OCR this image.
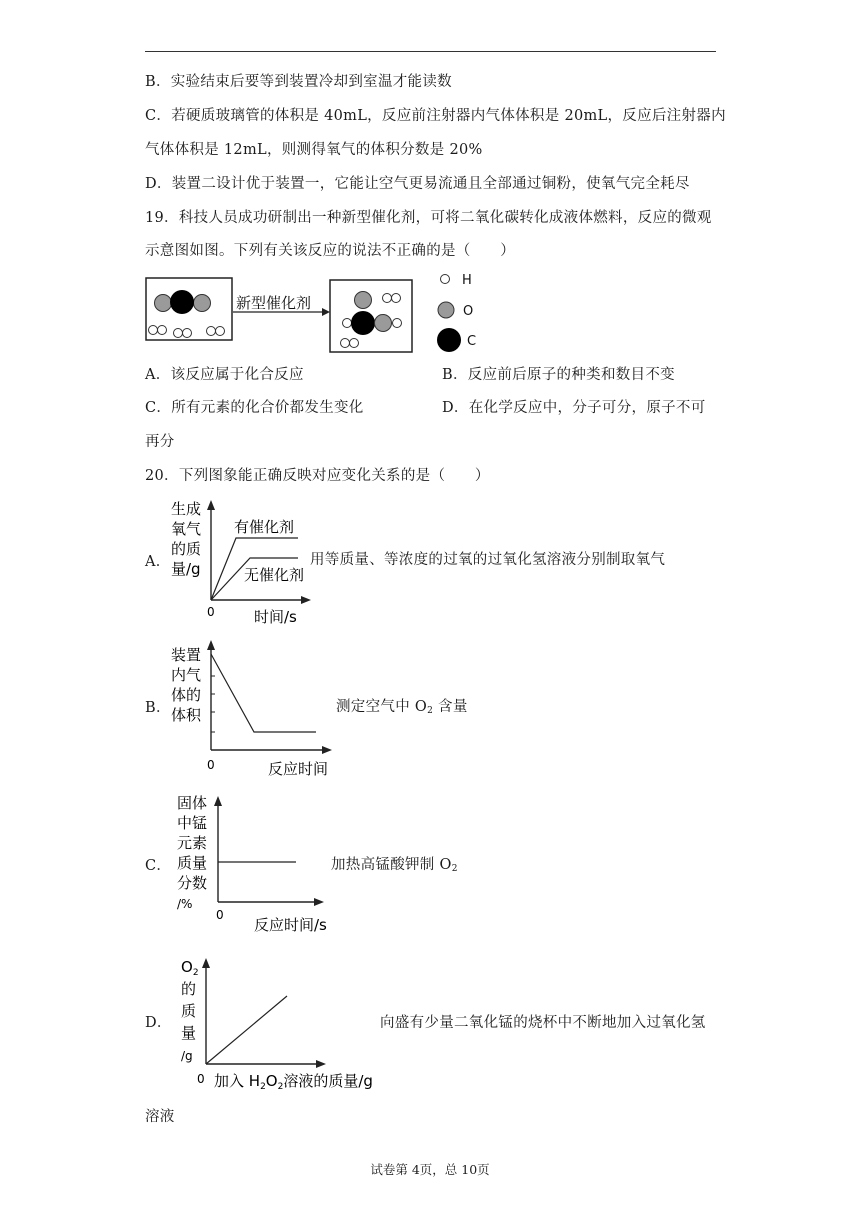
B．实验结束后要等到装置冷却到室温才能读数
C．若硬质玻璃管的体积是 40mL，反应前注射器内气体体积是 20mL，反应后注射器内
气体体积是 12mL，则测得氧气的体积分数是 20%
D．装置二设计优于装置一，它能让空气更易流通且全部通过铜粉，使氧气完全耗尽
19．科技人员成功研制出一种新型催化剂，可将二氧化碳转化成液体燃料，反应的微观
示意图如图。下列有关该反应的说法不正确的是（　　）
新型催化剂
H
O
C
A．该反应属于化合反应	B．反应前后原子的种类和数目不变
C．所有元素的化合价都发生变化	D．在化学反应中，分子可分，原子不可
再分
20．下列图象能正确反映对应变化关系的是（　　）
A．
生成
氧气
的质
量/g
有催化剂
无催化剂
0	时间/s
用等质量、等浓度的过氧的过氧化氢溶液分别制取氧气
B．
装置
内气
体的
体积
0	反应时间
测定空气中 $O_2$ 含量
C．
固体
中锰
元素
质量
分数
/%
0
反应时间/s
加热高锰酸钾制 $O_2$
D．
$O_2$
的
质
量
/g
0 加入 $H_2O_2$溶液的质量/g
向盛有少量二氧化锰的烧杯中不断地加入过氧化氢
溶液
试卷第 4页，总 10页
